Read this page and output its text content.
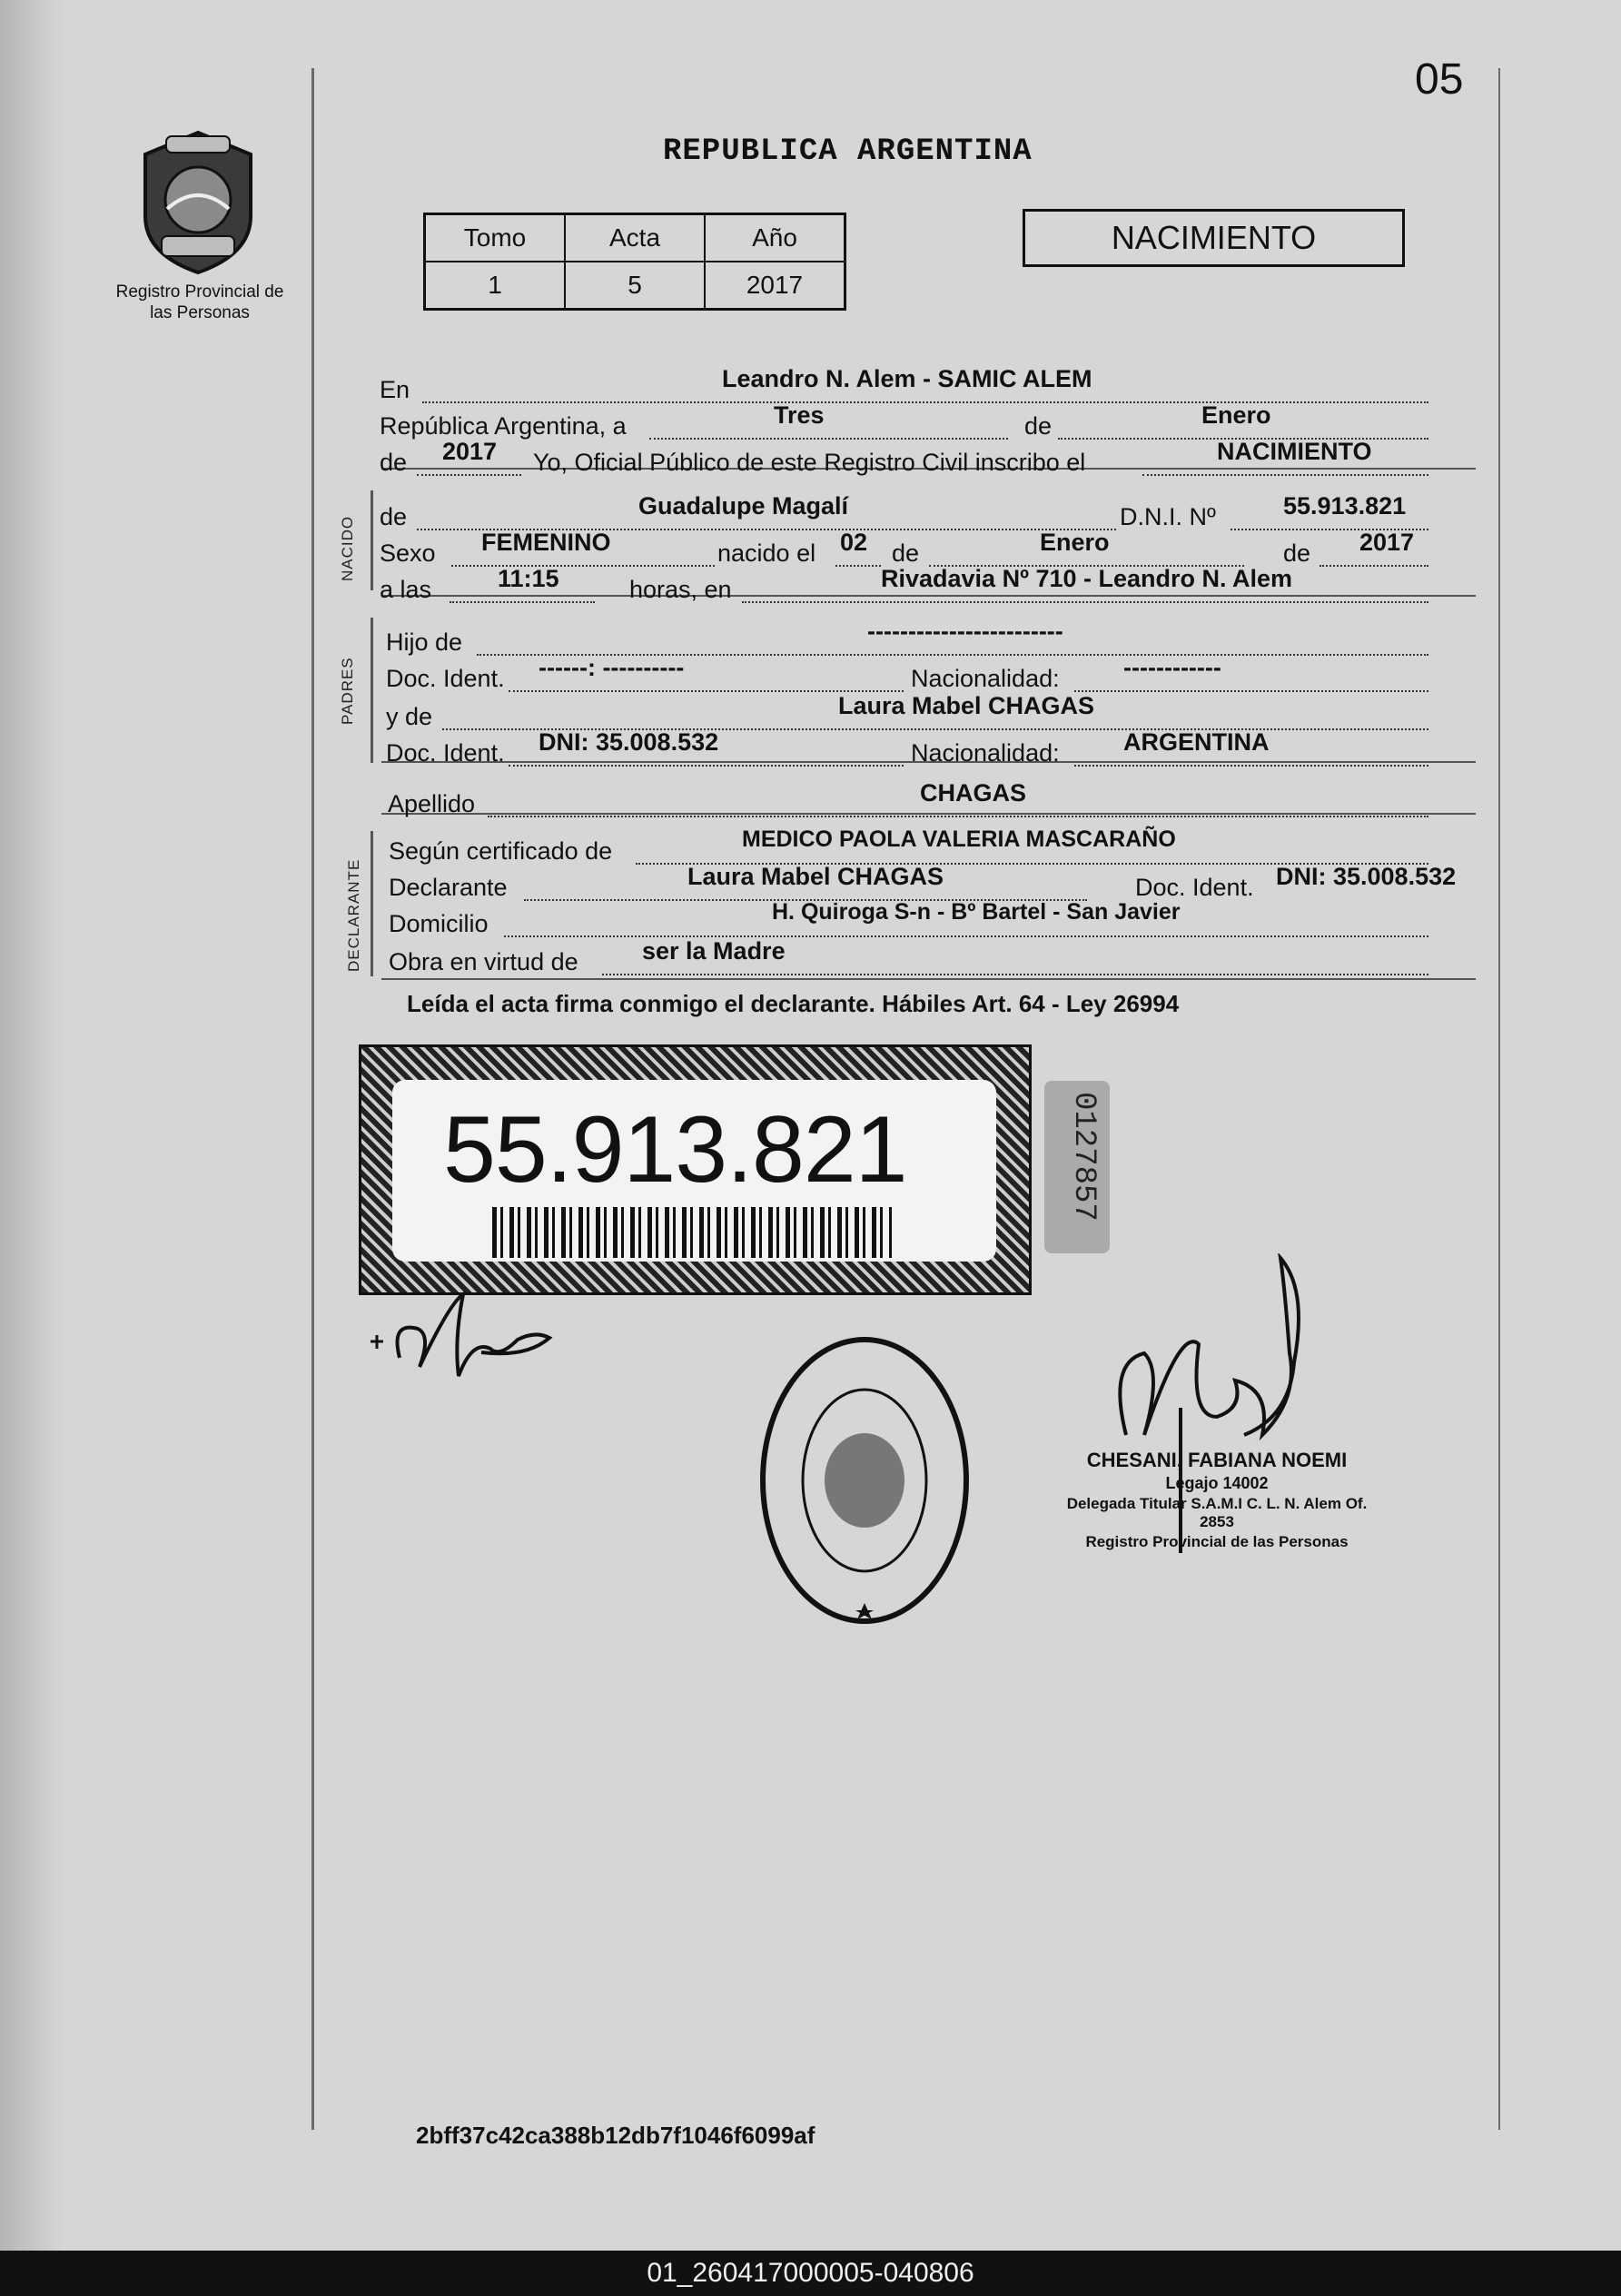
05
REPUBLICA ARGENTINA
Registro Provincial de las Personas
Tomo	Acta	Año
1	5	2017
NACIMIENTO
NACIDO
PADRES
DECLARANTE
En	Leandro N. Alem - SAMIC ALEM
República Argentina, a	Tres	de	Enero
de 2017 Yo, Oficial Público de este Registro Civil inscribo el	NACIMIENTO
de	Guadalupe Magalí	D.N.I. Nº	55.913.821
Sexo FEMENINO	nacido el 02 de	Enero	de 2017
a las	11:15	horas, en	Rivadavia Nº 710 - Leandro N. Alem
Hijo de	------------------------
Doc. Ident. ------: ----------	Nacionalidad:	------------
y de	Laura Mabel CHAGAS
Doc. Ident. DNI: 35.008.532	Nacionalidad:	ARGENTINA
Apellido	CHAGAS
Según certificado de	MEDICO PAOLA VALERIA MASCARAÑO
Declarante	Laura Mabel CHAGAS	Doc. Ident. DNI: 35.008.532
Domicilio	H. Quiroga S-n - Bº Bartel - San Javier
Obra en virtud de	ser la Madre
Leída el acta firma conmigo el declarante. Hábiles Art. 64 - Ley 26994
55.913.821	0127857
CHESANI, FABIANA NOEMI
Legajo 14002
Delegada Titular S.A.M.I C. L. N. Alem Of. 2853
Registro Provincial de las Personas
2bff37c42ca388b12db7f1046f6099af
01_260417000005-040806
